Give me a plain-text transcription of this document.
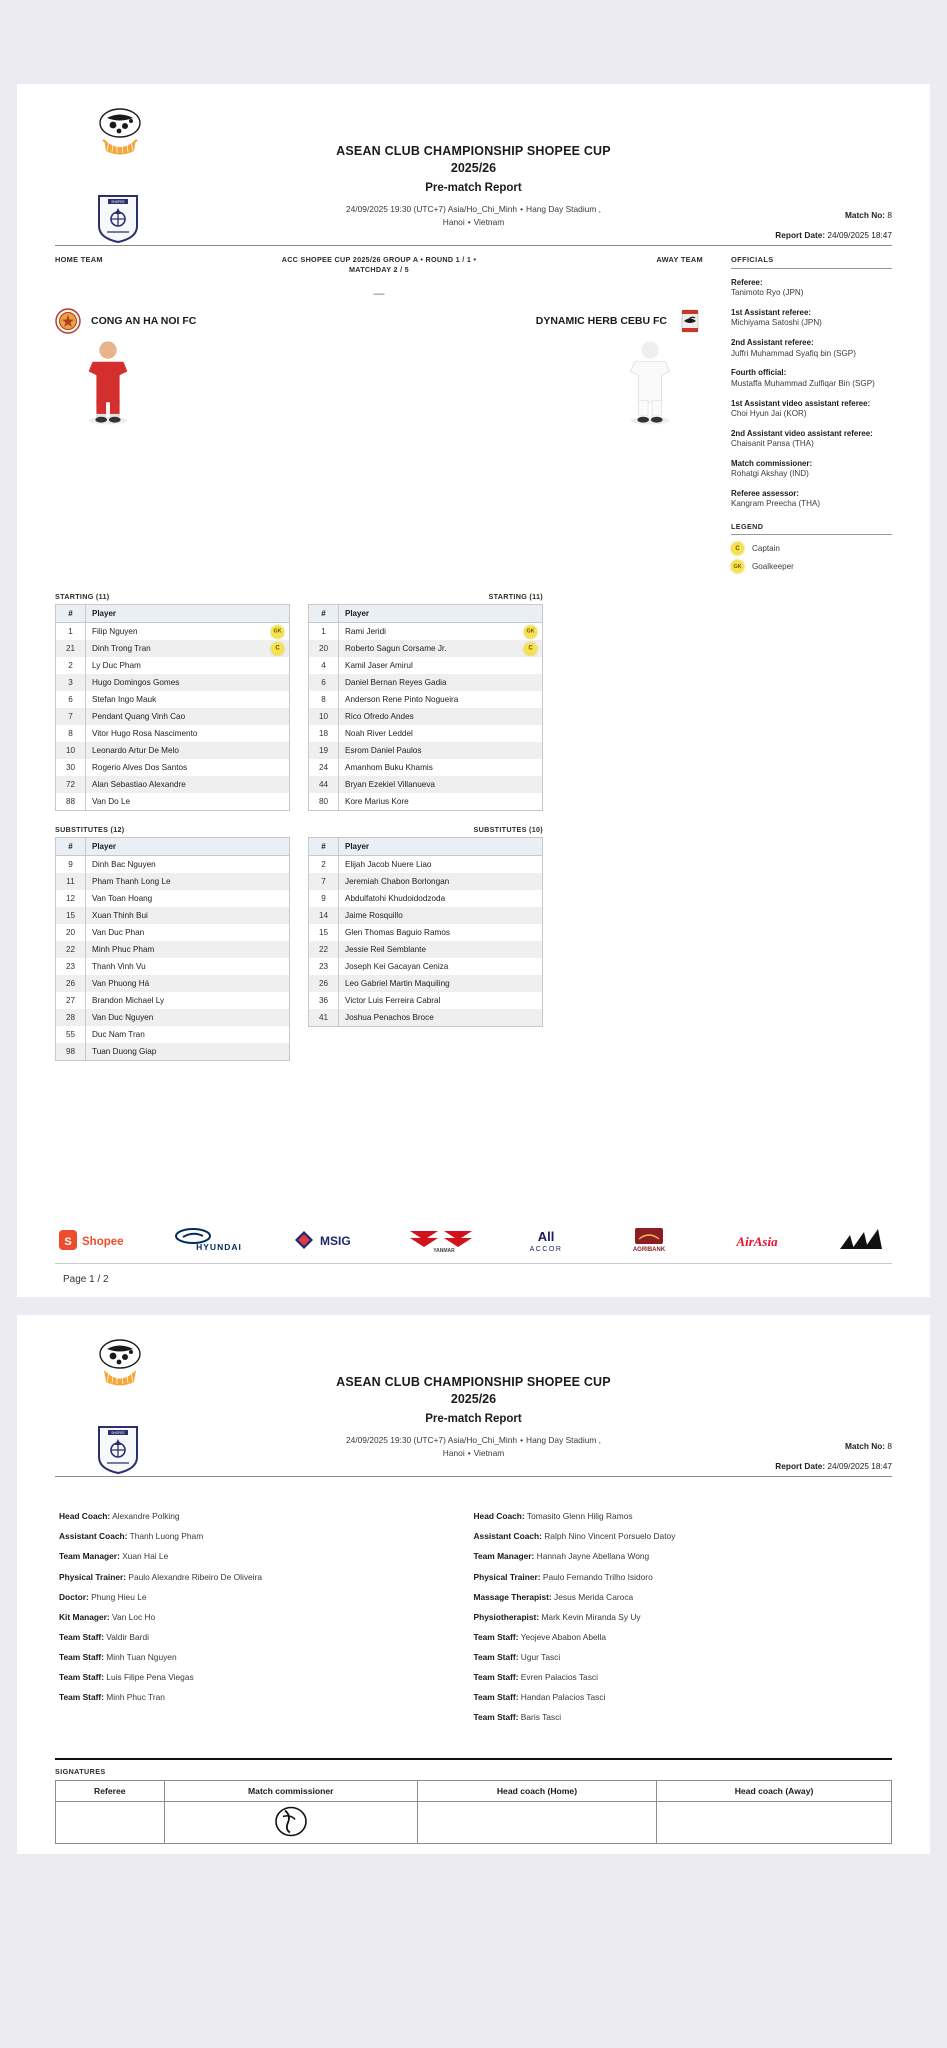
SHOPEE
ASEAN CLUB CHAMPIONSHIP SHOPEE CUP
2025/26
Pre-match Report
24/09/2025 19:30 (UTC+7) Asia/Ho_Chi_Minh • Hang Day Stadium ,
Hanoi • Vietnam
Match No: 8
Report Date: 24/09/2025 18:47
HOME TEAM	ACC SHOPEE CUP 2025/26 GROUP A • ROUND 1 / 1 •
MATCHDAY 2 / 5
AWAY TEAM
—
CONG AN HA NOI FC	DYNAMIC HERB CEBU FC
OFFICIALS
Referee:
Tanimoto Ryo (JPN)
1st Assistant referee:
Michiyama Satoshi (JPN)
2nd Assistant referee:
Juffri Muhammad Syafiq bin (SGP)
Fourth official:
Mustaffa Muhammad Zulfiqar Bin (SGP)
1st Assistant video assistant referee:
Choi Hyun Jai (KOR)
2nd Assistant video assistant referee:
Chaisanit Pansa (THA)
Match commissioner:
Rohatgi Akshay (IND)
Referee assessor:
Kangram Preecha (THA)
LEGEND
C	Captain
GK	Goalkeeper
STARTING (11)
#	Player
1	Filip Nguyen GK

21	Dinh Trong Tran C

2	Ly Duc Pham
3	Hugo Domingos Gomes
6	Stefan Ingo Mauk
7	Pendant Quang Vinh Cao
8	Vitor Hugo Rosa Nascimento
10	Leonardo Artur De Melo
30	Rogerio Alves Dos Santos
72	Alan Sebastiao Alexandre
88	Van Do Le
STARTING (11)
#	Player
1	Rami Jeridi GK

20	Roberto Sagun Corsame Jr. C

4	Kamil Jaser Amirul
6	Daniel Bernan Reyes Gadia
8	Anderson Rene Pinto Nogueira
10	Rico Ofredo Andes
18	Noah River Leddel
19	Esrom Daniel Paulos
24	Amanhom Buku Khamis
44	Bryan Ezekiel Villanueva
80	Kore Marius Kore
SUBSTITUTES (12)
#	Player
9	Dinh Bac Nguyen
11	Pham Thanh Long Le
12	Van Toan Hoang
15	Xuan Thinh Bui
20	Van Duc Phan
22	Minh Phuc Pham
23	Thanh Vinh Vu
26	Van Phuong Há
27	Brandon Michael Ly
28	Van Duc Nguyen
55	Duc Nam Tran
98	Tuan Duong Giap
SUBSTITUTES (10)
#	Player
2	Elijah Jacob Nuere Liao
7	Jeremiah Chabon Borlongan
9	Abdulfatohi Khudoidodzoda
14	Jaime Rosquillo
15	Glen Thomas Baguio Ramos
22	Jessie Reil Semblante
23	Joseph Kei Gacayan Ceniza
26	Leo Gabriel Martin Maquiling
36	Victor Luis Ferreira Cabral
41	Joshua Penachos Broce
S Shopee	HYUNDAI	MSIG
YANMAR
All
ACCOR	AGRIBANK
AirAsia
Page 1 / 2
SHOPEE
ASEAN CLUB CHAMPIONSHIP SHOPEE CUP
2025/26
Pre-match Report
24/09/2025 19:30 (UTC+7) Asia/Ho_Chi_Minh • Hang Day Stadium ,
Hanoi • Vietnam
Match No: 8
Report Date: 24/09/2025 18:47
Head Coach: Alexandre Polking
Assistant Coach: Thanh Luong Pham
Team Manager: Xuan Hai Le
Physical Trainer: Paulo Alexandre Ribeiro De Oliveira
Doctor: Phung Hieu Le
Kit Manager: Van Loc Ho
Team Staff: Valdir Bardi
Team Staff: Minh Tuan Nguyen
Team Staff: Luis Filipe Pena Viegas
Team Staff: Minh Phuc Tran
Head Coach: Tomasito Glenn Hilig Ramos
Assistant Coach: Ralph Nino Vincent Porsuelo Datoy
Team Manager: Hannah Jayne Abellana Wong
Physical Trainer: Paulo Fernando Trilho Isidoro
Massage Therapist: Jesus Merida Caroca
Physiotherapist: Mark Kevin Miranda Sy Uy
Team Staff: Yeojeve Ababon Abella
Team Staff: Ugur Tasci
Team Staff: Evren Palacios Tasci
Team Staff: Handan Palacios Tasci
Team Staff: Baris Tasci
SIGNATURES
Referee	Match commissioner	Head coach (Home)	Head coach (Away)
